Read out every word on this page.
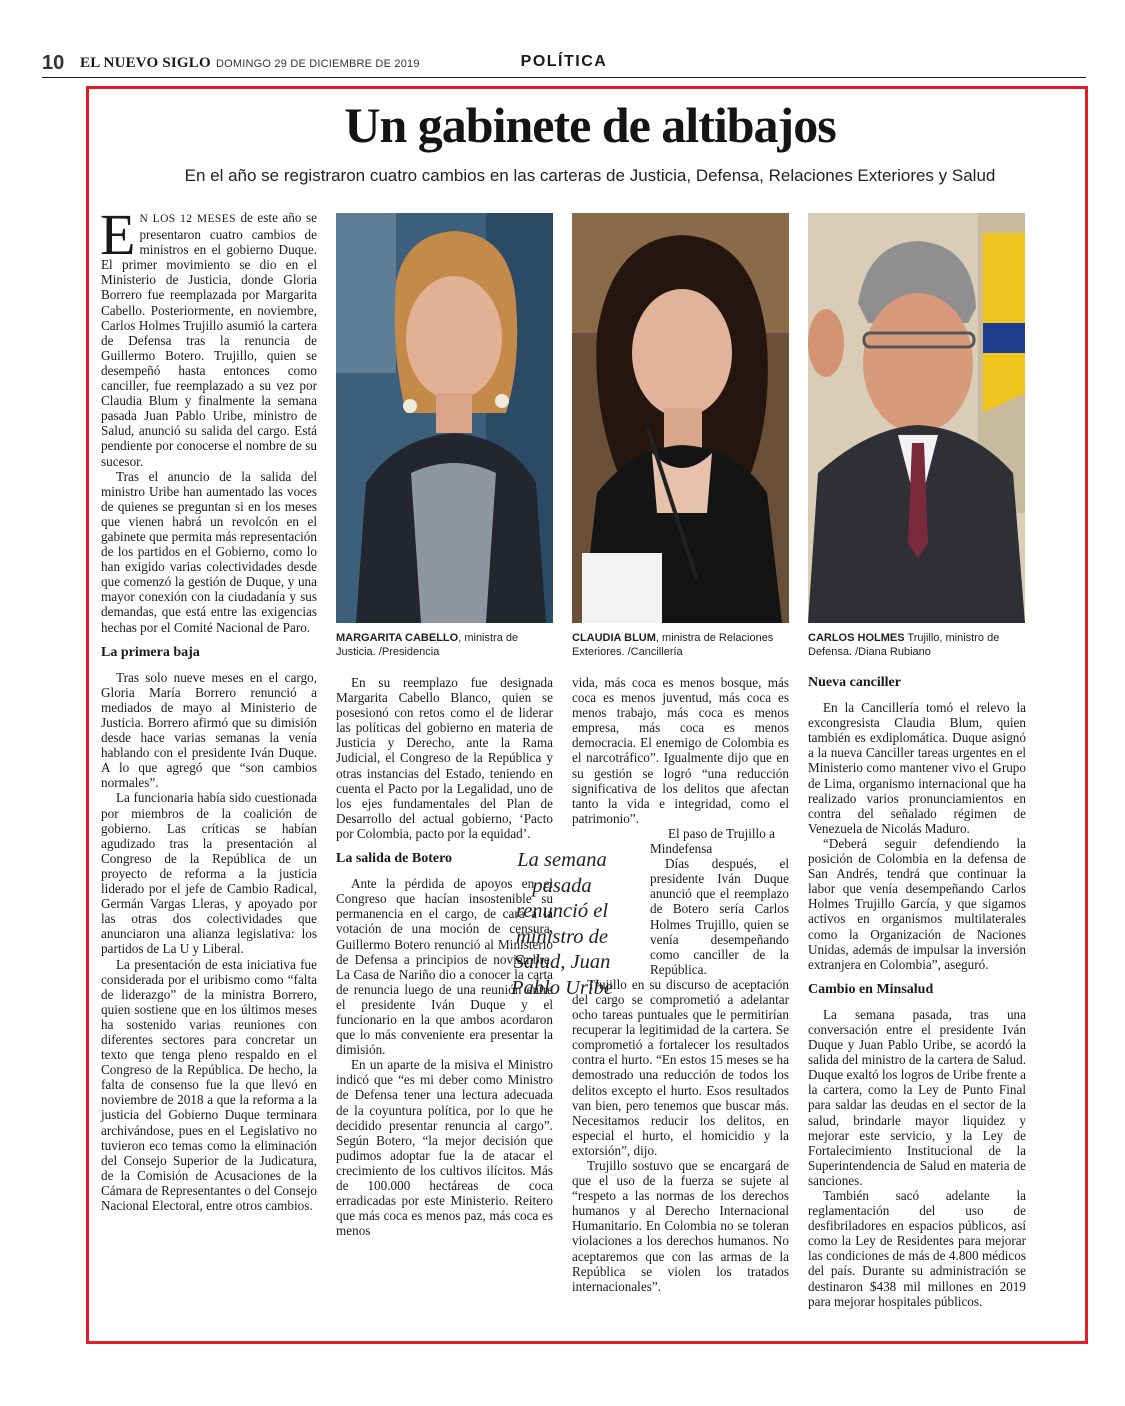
10 EL NUEVO SIGLO DOMINGO 29 DE DICIEMBRE DE 2019	POLÍTICA
Un gabinete de altibajos
En el año se registraron cuatro cambios en las carteras de Justicia, Defensa, Relaciones Exteriores y Salud

E N LOS 12 MESES de este año se presentaron cuatro cambios de ministros en el gobierno Duque. El primer movimiento se dio en el Ministerio de Justicia, donde Gloria Borrero fue reemplazada por Margarita Cabello. Posteriormente, en noviembre, Carlos Holmes Trujillo asumió la cartera de Defensa tras la renuncia de Guillermo Botero. Trujillo, quien se desempeñó hasta entonces como canciller, fue reemplazado a su vez por Claudia Blum y finalmente la semana pasada Juan Pablo Uribe, ministro de Salud, anunció su salida del cargo. Está pendiente por conocerse el nombre de su sucesor.

Tras el anuncio de la salida del ministro Uribe han aumentado las voces de quienes se preguntan si en los meses que vienen habrá un revolcón en el gabinete que permita más representación de los partidos en el Gobierno, como lo han exigido varias colectividades desde que comenzó la gestión de Duque, y una mayor conexión con la ciudadanía y sus demandas, que está entre las exigencias hechas por el Comité Nacional de Paro.

La primera baja

Tras solo nueve meses en el cargo, Gloria María Borrero renunció a mediados de mayo al Ministerio de Justicia. Borrero afirmó que su dimisión desde hace varias semanas la venía hablando con el presidente Iván Duque. A lo que agregó que “son cambios normales”.

La funcionaria había sido cuestionada por miembros de la coalición de gobierno. Las críticas se habían agudizado tras la presentación al Congreso de la República de un proyecto de reforma a la justicia liderado por el jefe de Cambio Radical, Germán Vargas Lleras, y apoyado por las otras dos colectividades que anunciaron una alianza legislativa: los partidos de La U y Liberal.

La presentación de esta iniciativa fue considerada por el uribismo como “falta de liderazgo” de la ministra Borrero, quien sostiene que en los últimos meses ha sostenido varias reuniones con diferentes sectores para concretar un texto que tenga pleno respaldo en el Congreso de la República. De hecho, la falta de consenso fue la que llevó en noviembre de 2018 a que la reforma a la justicia del Gobierno Duque terminara archivándose, pues en el Legislativo no tuvieron eco temas como la eliminación del Consejo Superior de la Judicatura, de la Comisión de Acusaciones de la Cámara de Representantes o del Consejo Nacional Electoral, entre otros cambios.

MARGARITA CABELLO, ministra de Justicia. /Presidencia
CLAUDIA BLUM, ministra de Relaciones Exteriores. /Cancillería
CARLOS HOLMES Trujillo, ministro de Defensa. /Diana Rubiano

En su reemplazo fue designada Margarita Cabello Blanco, quien se posesionó con retos como el de liderar las políticas del gobierno en materia de Justicia y Derecho, ante la Rama Judicial, el Congreso de la República y otras instancias del Estado, teniendo en cuenta el Pacto por la Legalidad, uno de los ejes fundamentales del Plan de Desarrollo del actual gobierno, ‘Pacto por Colombia, pacto por la equidad’.

La salida de Botero

Ante la pérdida de apoyos en el Congreso que hacían insostenible su permanencia en el cargo, de cara a la votación de una moción de censura, Guillermo Botero renunció al Ministerio de Defensa a principios de noviembre. La Casa de Nariño dio a conocer la carta de renuncia luego de una reunión entre el presidente Iván Duque y el funcionario en la que ambos acordaron que lo más conveniente era presentar la dimisión.

En un aparte de la misiva el Ministro indicó que “es mi deber como Ministro de Defensa tener una lectura adecuada de la coyuntura política, por lo que he decidido presentar renuncia al cargo”. Según Botero, “la mejor decisión que pudimos adoptar fue la de atacar el crecimiento de los cultivos ilícitos. Más de 100.000 hectáreas de coca erradicadas por este Ministerio. Reitero que más coca es menos paz, más coca es menos

vida, más coca es menos bosque, más coca es menos juventud, más coca es menos trabajo, más coca es menos empresa, más coca es menos democracia. El enemigo de Colombia es el narcotráfico”. Igualmente dijo que en su gestión se logró “una reducción significativa de los delitos que afectan tanto la vida e integridad, como el patrimonio”.

El paso de Trujillo a Mindefensa

Días después, el presidente Iván Duque anunció que el reemplazo de Botero sería Carlos Holmes Trujillo, quien se venía desempeñando como canciller de la República.

Trujillo en su discurso de aceptación del cargo se comprometió a adelantar ocho tareas puntuales que le permitirían recuperar la legitimidad de la cartera. Se comprometió a fortalecer los resultados contra el hurto. “En estos 15 meses se ha demostrado una reducción de todos los delitos excepto el hurto. Esos resultados van bien, pero tenemos que buscar más. Necesitamos reducir los delitos, en especial el hurto, el homicidio y la extorsión”, dijo.

Trujillo sostuvo que se encargará de que el uso de la fuerza se sujete al “respeto a las normas de los derechos humanos y al Derecho Internacional Humanitario. En Colombia no se toleran violaciones a los derechos humanos. No aceptaremos que con las armas de la República se violen los tratados internacionales”.

La semana pasada renunció el ministro de Salud, Juan Pablo Uribe
Nueva canciller

En la Cancillería tomó el relevo la excongresista Claudia Blum, quien también es exdiplomática. Duque asignó a la nueva Canciller tareas urgentes en el Ministerio como mantener vivo el Grupo de Lima, organismo internacional que ha realizado varios pronunciamientos en contra del señalado régimen de Venezuela de Nicolás Maduro.

“Deberá seguir defendiendo la posición de Colombia en la defensa de San Andrés, tendrá que continuar la labor que venía desempeñando Carlos Holmes Trujillo García, y que sigamos activos en organismos multilaterales como la Organización de Naciones Unidas, además de impulsar la inversión extranjera en Colombia”, aseguró.

Cambio en Minsalud

La semana pasada, tras una conversación entre el presidente Iván Duque y Juan Pablo Uribe, se acordó la salida del ministro de la cartera de Salud. Duque exaltó los logros de Uribe frente a la cartera, como la Ley de Punto Final para saldar las deudas en el sector de la salud, brindarle mayor liquidez y mejorar este servicio, y la Ley de Fortalecimiento Institucional de la Superintendencia de Salud en materia de sanciones.

También sacó adelante la reglamentación del uso de desfibriladores en espacios públicos, así como la Ley de Residentes para mejorar las condiciones de más de 4.800 médicos del país. Durante su administración se destinaron $438 mil millones en 2019 para mejorar hospitales públicos.
